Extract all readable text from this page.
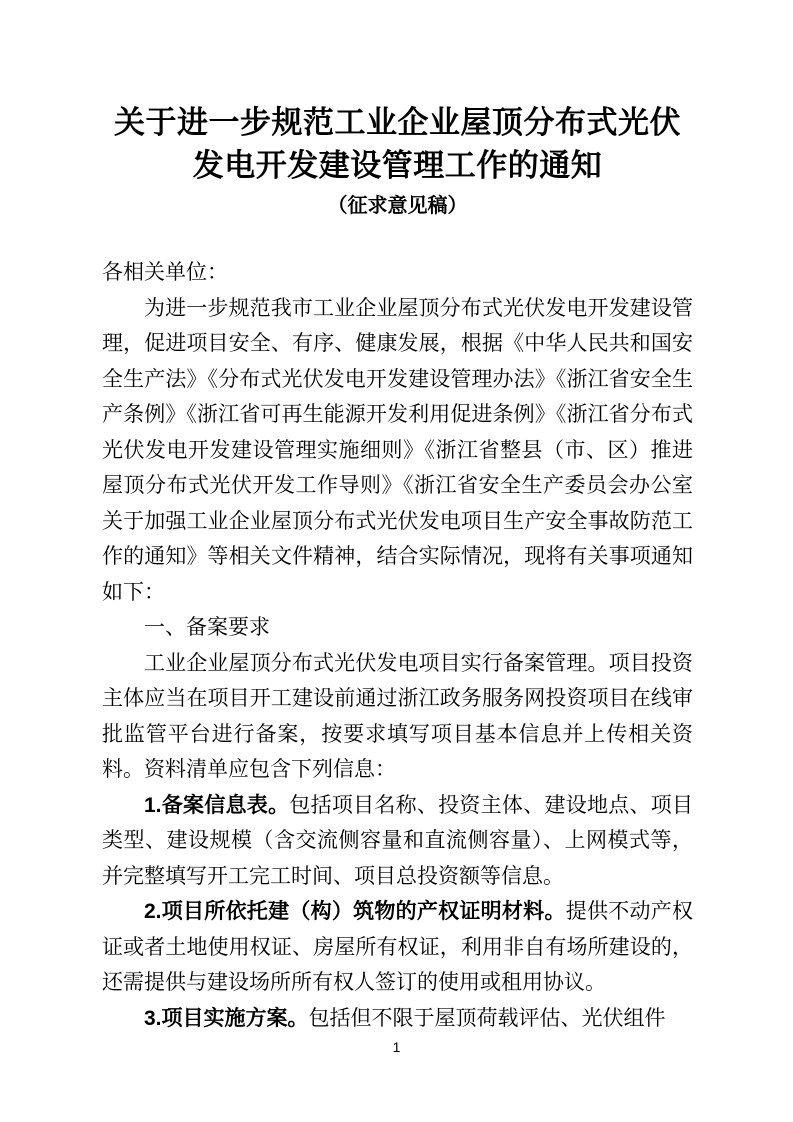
关于进一步规范工业企业屋顶分布式光伏
发电开发建设管理工作的通知
（征求意见稿）

各相关单位：

为进一步规范我市工业企业屋顶分布式光伏发电开发建设管理，促进项目安全、有序、健康发展，根据《中华人民共和国安全生产法》《分布式光伏发电开发建设管理办法》《浙江省安全生产条例》《浙江省可再生能源开发利用促进条例》《浙江省分布式光伏发电开发建设管理实施细则》《浙江省整县（市、区）推进屋顶分布式光伏开发工作导则》《浙江省安全生产委员会办公室关于加强工业企业屋顶分布式光伏发电项目生产安全事故防范工作的通知》等相关文件精神，结合实际情况，现将有关事项通知如下：

一、备案要求

工业企业屋顶分布式光伏发电项目实行备案管理。项目投资主体应当在项目开工建设前通过浙江政务服务网投资项目在线审批监管平台进行备案，按要求填写项目基本信息并上传相关资料。资料清单应包含下列信息：

1.备案信息表。包括项目名称、投资主体、建设地点、项目类型、建设规模（含交流侧容量和直流侧容量）、上网模式等，并完整填写开工完工时间、项目总投资额等信息。

2.项目所依托建（构）筑物的产权证明材料。提供不动产权证或者土地使用权证、房屋所有权证，利用非自有场所建设的，还需提供与建设场所所有权人签订的使用或租用协议。

3.项目实施方案。包括但不限于屋顶荷载评估、光伏组件

1
